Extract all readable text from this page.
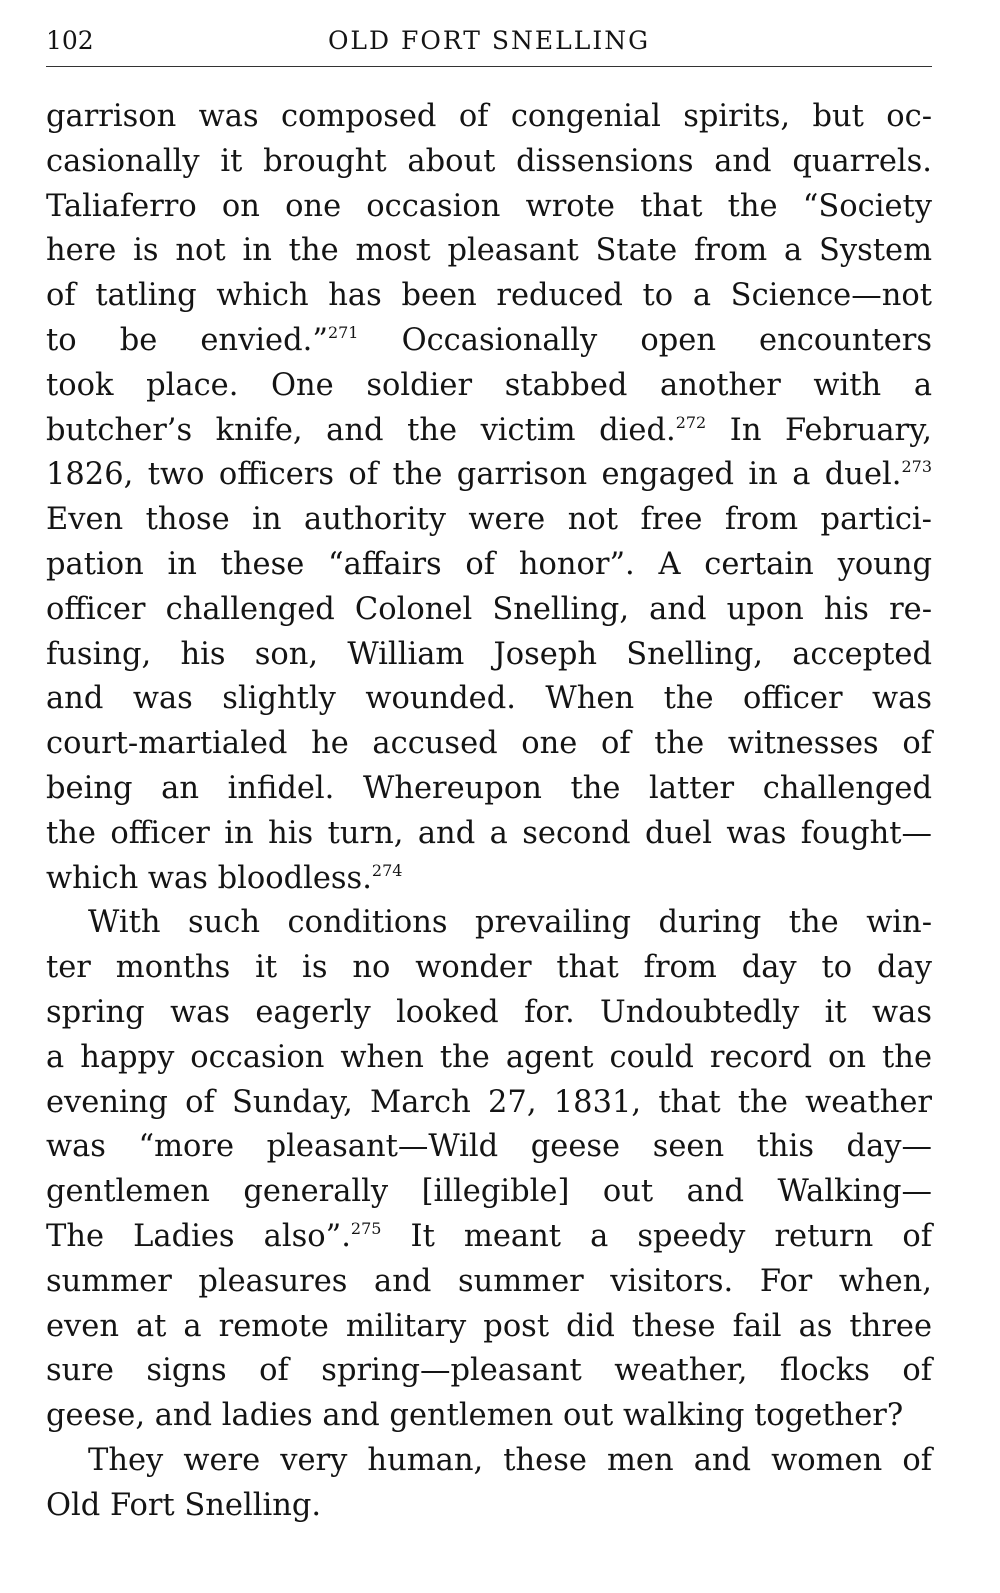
102	OLD FORT SNELLING

garrison was composed of congenial spirits, but oc-
casionally it brought about dissensions and quarrels.
Taliaferro on one occasion wrote that the “Society
here is not in the most pleasant State from a System
of tatling which has been reduced to a Science—not
to be envied.”$^{271}$ Occasionally open encounters
took place. One soldier stabbed another with a
butcher’s knife, and the victim died.$^{272}$ In February,
1826, two officers of the garrison engaged in a duel.$^{273}$
Even those in authority were not free from partici-
pation in these “affairs of honor”. A certain young
officer challenged Colonel Snelling, and upon his re-
fusing, his son, William Joseph Snelling, accepted
and was slightly wounded. When the officer was
court-martialed he accused one of the witnesses of
being an infidel. Whereupon the latter challenged
the officer in his turn, and a second duel was fought—
which was bloodless.$^{274}$

With such conditions prevailing during the win-
ter months it is no wonder that from day to day
spring was eagerly looked for. Undoubtedly it was
a happy occasion when the agent could record on the
evening of Sunday, March 27, 1831, that the weather
was “more pleasant—Wild geese seen this day—
gentlemen generally [illegible] out and Walking—
The Ladies also”.$^{275}$ It meant a speedy return of
summer pleasures and summer visitors. For when,
even at a remote military post did these fail as three
sure signs of spring—pleasant weather, flocks of
geese, and ladies and gentlemen out walking together?

They were very human, these men and women of
Old Fort Snelling.
